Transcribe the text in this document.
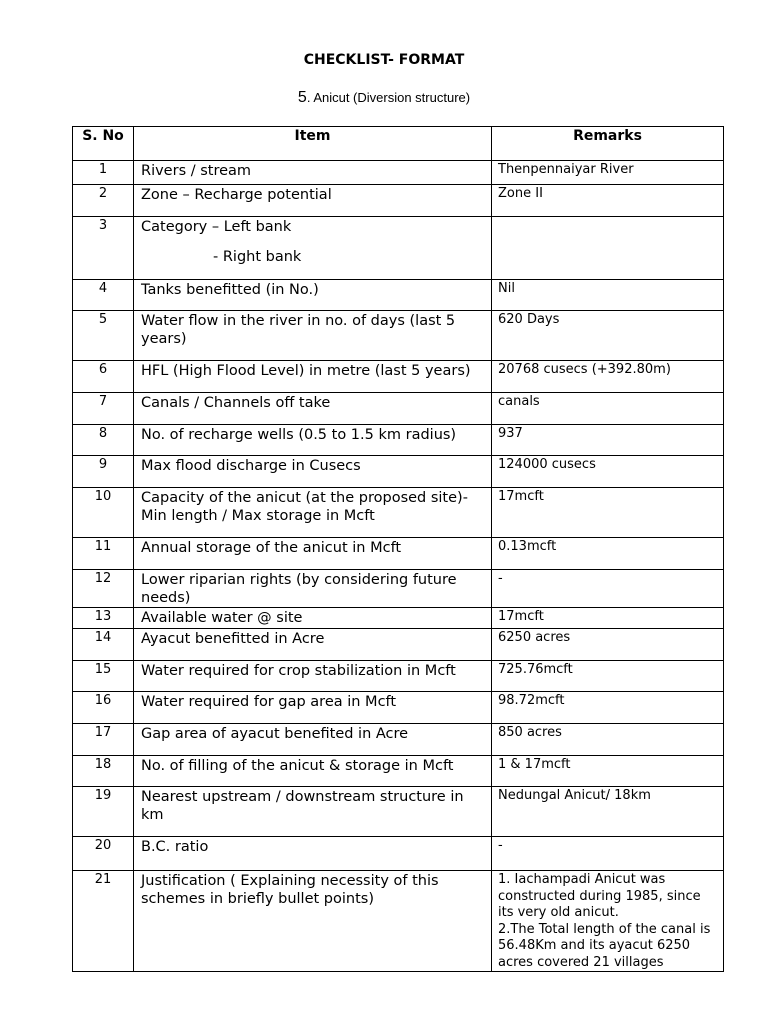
CHECKLIST- FORMAT
5. Anicut (Diversion structure)
S. No	Item	Remarks
1	Rivers / stream	Thenpennaiyar River
2	Zone – Recharge potential	Zone II
3	Category – Left bank
- Right bank	

4	Tanks benefitted (in No.)	Nil
5	Water flow in the river in no. of days (last 5 years)	620 Days
6	HFL (High Flood Level) in metre (last 5 years)	20768 cusecs (+392.80m)
7	Canals / Channels off take	canals
8	No. of recharge wells (0.5 to 1.5 km radius)	937
9	Max flood discharge in Cusecs	124000 cusecs
10	Capacity of the anicut (at the proposed site)- Min length / Max storage in Mcft	17mcft
11	Annual storage of the anicut in Mcft	0.13mcft
12	Lower riparian rights (by considering future needs)	-
13	Available water @ site	17mcft
14	Ayacut benefitted in Acre	6250 acres
15	Water required for crop stabilization in Mcft	725.76mcft
16	Water required for gap area in Mcft	98.72mcft
17	Gap area of ayacut benefited in Acre	850 acres
18	No. of filling of the anicut & storage in Mcft	1 & 17mcft
19	Nearest upstream / downstream structure in km	Nedungal Anicut/ 18km
20	B.C. ratio	-
21	Justification ( Explaining necessity of this schemes in briefly bullet points)	1. Iachampadi Anicut was constructed during 1985, since its very old anicut.
2.The Total length of the canal is 56.48Km and its ayacut 6250 acres covered 21 villages
